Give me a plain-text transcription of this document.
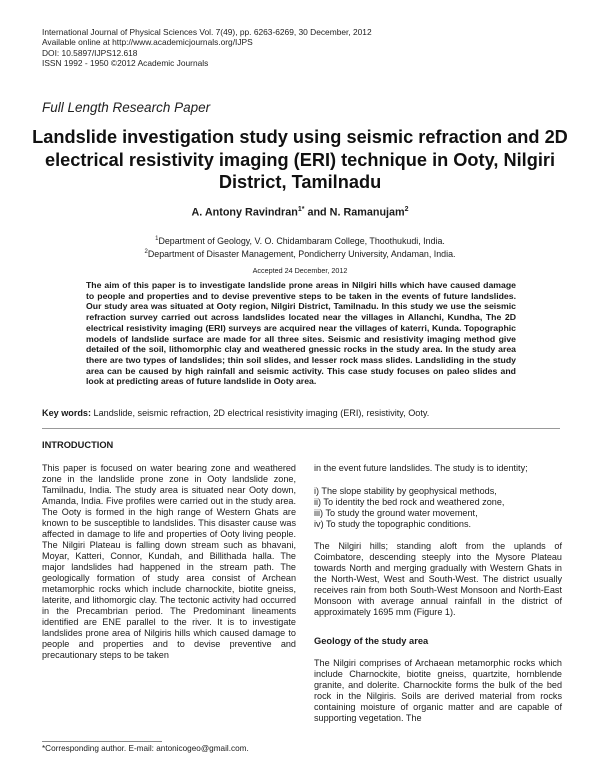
International Journal of Physical Sciences Vol. 7(49), pp. 6263-6269, 30 December, 2012
Available online at http://www.academicjournals.org/IJPS
DOI: 10.5897/IJPS12.618
ISSN 1992 - 1950 ©2012 Academic Journals
Full Length Research Paper
Landslide investigation study using seismic refraction and 2D electrical resistivity imaging (ERI) technique in Ooty, Nilgiri District, Tamilnadu
A. Antony Ravindran$^{1*}$ and N. Ramanujam$^2$
$^1$Department of Geology, V. O. Chidambaram College, Thoothukudi, India.
$^2$Department of Disaster Management, Pondicherry University, Andaman, India.
Accepted 24 December, 2012
The aim of this paper is to investigate landslide prone areas in Nilgiri hills which have caused damage to people and properties and to devise preventive steps to be taken in the events of future landslides. Our study area was situated at Ooty region, Nilgiri District, Tamilnadu. In this study we use the seismic refraction survey carried out across landslides located near the villages in Allanchi, Kundha, The 2D electrical resistivity imaging (ERI) surveys are acquired near the villages of katerri, Kunda. Topographic models of landslide surface are made for all three sites. Seismic and resistivity imaging method give detailed of the soil, lithomorphic clay and weathered gnessic rocks in the study area. In the study area there are two types of landslides; thin soil slides, and lesser rock mass slides. Landsliding in the study area can be caused by high rainfall and seismic activity. This case study focuses on paleo slides and look at predicting areas of future landslide in Ooty area.
Key words: Landslide, seismic refraction, 2D electrical resistivity imaging (ERI), resistivity, Ooty.
INTRODUCTION
This paper is focused on water bearing zone and weathered zone in the landslide prone zone in Ooty landslide zone, Tamilnadu, India. The study area is situated near Ooty down, Amanda, India. Five profiles were carried out in the study area. The Ooty is formed in the high range of Western Ghats are known to be susceptible to landslides. This disaster cause was affected in damage to life and properties of Ooty living people. The Nilgiri Plateau is falling down stream such as bhavani, Moyar, Katteri, Connor, Kundah, and Billithada halla. The major landslides had happened in the stream path. The geologically formation of study area consist of Archean metamorphic rocks which include charnockite, biotite gneiss, laterite, and lithomorgic clay. The tectonic activity had occurred in the Precambrian period. The Predominant lineaments identified are ENE parallel to the river. It is to investigate landslides prone area of Nilgiris hills which caused damage to people and properties and to devise preventive and precautionary steps to be taken
in the event future landslides. The study is to identity;
i) The slope stability by geophysical methods,
ii) To identity the bed rock and weathered zone,
iii) To study the ground water movement,
iv) To study the topographic conditions.
The Nilgiri hills; standing aloft from the uplands of Coimbatore, descending steeply into the Mysore Plateau towards North and merging gradually with Western Ghats in the North-West, West and South-West. The district usually receives rain from both South-West Monsoon and North-East Monsoon with average annual rainfall in the district of approximately 1695 mm (Figure 1).
Geology of the study area
The Nilgiri comprises of Archaean metamorphic rocks which include Charnockite, biotite gneiss, quartzite, hornblende granite, and dolerite. Charnockite forms the bulk of the bed rock in the Nilgiris. Soils are derived material from rocks containing moisture of organic matter and are capable of supporting vegetation. The
*Corresponding author. E-mail: antonicogeo@gmail.com.
